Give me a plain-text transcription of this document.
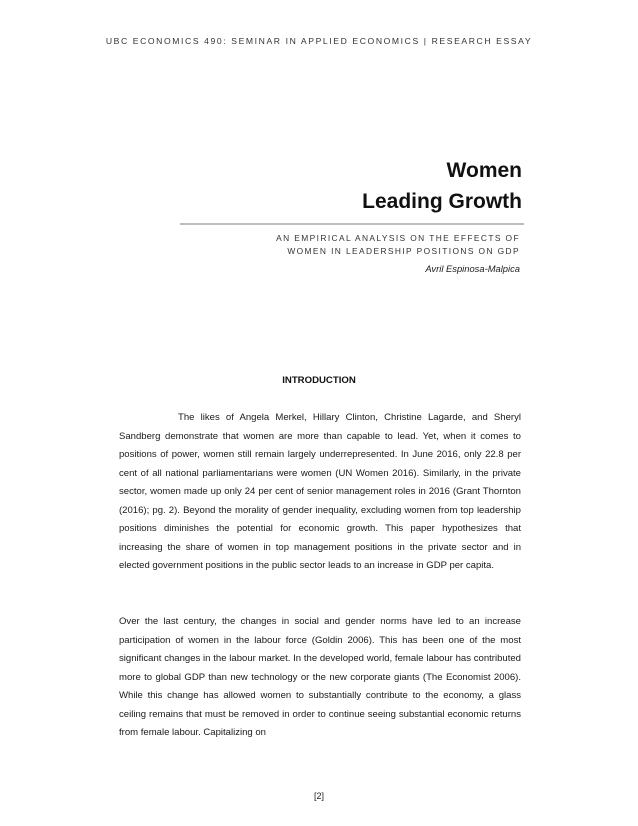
UBC ECONOMICS 490: SEMINAR IN APPLIED ECONOMICS | RESEARCH ESSAY
Women
Leading Growth
AN EMPIRICAL ANALYSIS ON THE EFFECTS OF
WOMEN IN LEADERSHIP POSITIONS ON GDP
Avril Espinosa-Malpica
INTRODUCTION

The likes of Angela Merkel, Hillary Clinton, Christine Lagarde, and Sheryl Sandberg demonstrate that women are more than capable to lead. Yet, when it comes to positions of power, women still remain largely underrepresented. In June 2016, only 22.8 per cent of all national parliamentarians were women (UN Women 2016). Similarly, in the private sector, women made up only 24 per cent of senior management roles in 2016 (Grant Thornton (2016); pg. 2). Beyond the morality of gender inequality, excluding women from top leadership positions diminishes the potential for economic growth. This paper hypothesizes that increasing the share of women in top management positions in the private sector and in elected government positions in the public sector leads to an increase in GDP per capita.

Over the last century, the changes in social and gender norms have led to an increase participation of women in the labour force (Goldin 2006). This has been one of the most significant changes in the labour market. In the developed world, female labour has contributed more to global GDP than new technology or the new corporate giants (The Economist 2006). While this change has allowed women to substantially contribute to the economy, a glass ceiling remains that must be removed in order to continue seeing substantial economic returns from female labour. Capitalizing on

[2]
